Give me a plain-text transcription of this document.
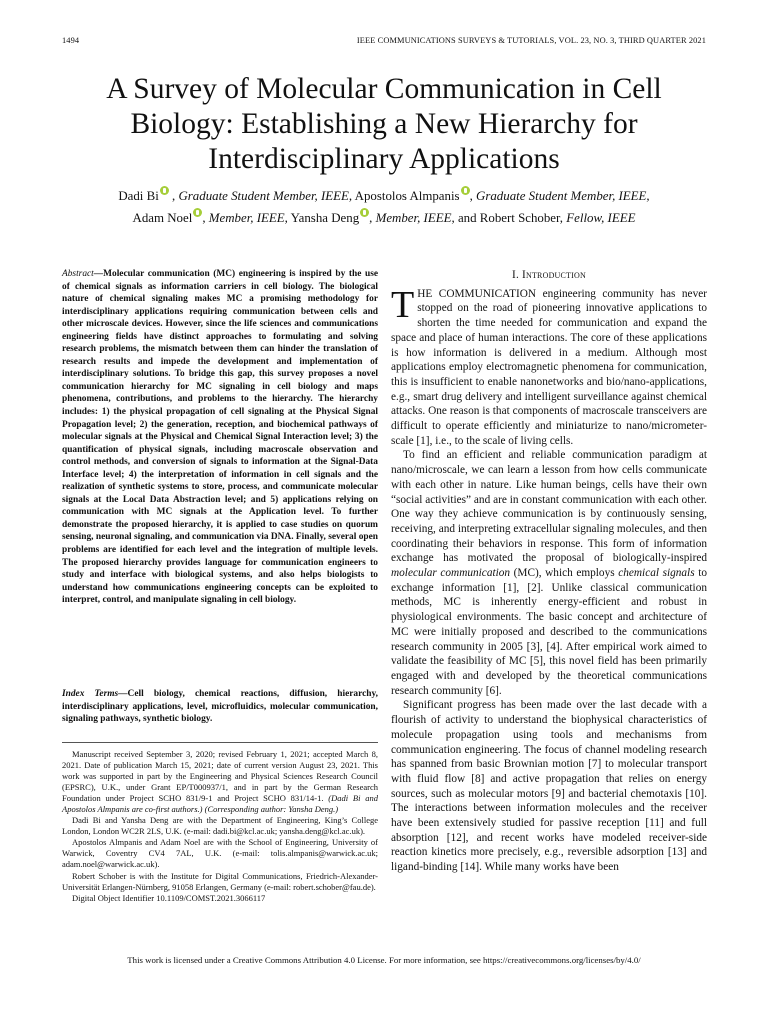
1494	IEEE COMMUNICATIONS SURVEYS & TUTORIALS, VOL. 23, NO. 3, THIRD QUARTER 2021
A Survey of Molecular Communication in Cell
Biology: Establishing a New Hierarchy for
Interdisciplinary Applications
Dadi Bi , Graduate Student Member, IEEE, Apostolos Almpanis , Graduate Student Member, IEEE,
Adam Noel , Member, IEEE, Yansha Deng , Member, IEEE, and Robert Schober, Fellow, IEEE
Abstract—Molecular communication (MC) engineering is inspired by the use of chemical signals as information carriers in cell biology. The biological nature of chemical signaling makes MC a promising methodology for interdisciplinary applications requiring communication between cells and other microscale devices. However, since the life sciences and communications engineering fields have distinct approaches to formulating and solving research problems, the mismatch between them can hinder the translation of research results and impede the development and implementation of interdisciplinary solutions. To bridge this gap, this survey proposes a novel communication hierarchy for MC signaling in cell biology and maps phenomena, contributions, and problems to the hierarchy. The hierarchy includes: 1) the physical propagation of cell signaling at the Physical Signal Propagation level; 2) the generation, reception, and biochemical pathways of molecular signals at the Physical and Chemical Signal Interaction level; 3) the quantification of physical signals, including macroscale observation and control methods, and conversion of signals to information at the Signal-Data Interface level; 4) the interpretation of information in cell signals and the realization of synthetic systems to store, process, and communicate molecular signals at the Local Data Abstraction level; and 5) applications relying on communication with MC signals at the Application level. To further demonstrate the proposed hierarchy, it is applied to case studies on quorum sensing, neuronal signaling, and communication via DNA. Finally, several open problems are identified for each level and the integration of multiple levels. The proposed hierarchy provides language for communication engineers to study and interface with biological systems, and also helps biologists to understand how communications engineering concepts can be exploited to interpret, control, and manipulate signaling in cell biology.
Index Terms—Cell biology, chemical reactions, diffusion, hierarchy, interdisciplinary applications, level, microfluidics, molecular communication, signaling pathways, synthetic biology.

Manuscript received September 3, 2020; revised February 1, 2021; accepted March 8, 2021. Date of publication March 15, 2021; date of current version August 23, 2021. This work was supported in part by the Engineering and Physical Sciences Research Council (EPSRC), U.K., under Grant EP/T000937/1, and in part by the German Research Foundation under Project SCHO 831/9-1 and Project SCHO 831/14-1. (Dadi Bi and Apostolos Almpanis are co-first authors.) (Corresponding author: Yansha Deng.)

Dadi Bi and Yansha Deng are with the Department of Engineering, King’s College London, London WC2R 2LS, U.K. (e-mail: dadi.bi@kcl.ac.uk; yansha.deng@kcl.ac.uk).

Apostolos Almpanis and Adam Noel are with the School of Engineering, University of Warwick, Coventry CV4 7AL, U.K. (e-mail: tolis.almpanis@warwick.ac.uk; adam.noel@warwick.ac.uk).

Robert Schober is with the Institute for Digital Communications, Friedrich-Alexander-Universität Erlangen-Nürnberg, 91058 Erlangen, Germany (e-mail: robert.schober@fau.de).

Digital Object Identifier 10.1109/COMST.2021.3066117

I. Introduction

THE COMMUNICATION engineering community has never stopped on the road of pioneering innovative applications to shorten the time needed for communication and expand the space and place of human interactions. The core of these applications is how information is delivered in a medium. Although most applications employ electromagnetic phenomena for communication, this is insufficient to enable nanonetworks and bio/nano-applications, e.g., smart drug delivery and intelligent surveillance against chemical attacks. One reason is that components of macroscale transceivers are difficult to operate efficiently and miniaturize to nano/micrometer-scale [1], i.e., to the scale of living cells.

To find an efficient and reliable communication paradigm at nano/microscale, we can learn a lesson from how cells communicate with each other in nature. Like human beings, cells have their own “social activities” and are in constant communication with each other. One way they achieve communication is by continuously sensing, receiving, and interpreting extracellular signaling molecules, and then coordinating their behaviors in response. This form of information exchange has motivated the proposal of biologically-inspired molecular communication (MC), which employs chemical signals to exchange information [1], [2]. Unlike classical communication methods, MC is inherently energy-efficient and robust in physiological environments. The basic concept and architecture of MC were initially proposed and described to the communications research community in 2005 [3], [4]. After empirical work aimed to validate the feasibility of MC [5], this novel field has been primarily engaged with and developed by the theoretical communications research community [6].

Significant progress has been made over the last decade with a flourish of activity to understand the biophysical characteristics of molecule propagation using tools and mechanisms from communication engineering. The focus of channel modeling research has spanned from basic Brownian motion [7] to molecular transport with fluid flow [8] and active propagation that relies on energy sources, such as molecular motors [9] and bacterial chemotaxis [10]. The interactions between information molecules and the receiver have been extensively studied for passive reception [11] and full absorption [12], and recent works have modeled receiver-side reaction kinetics more precisely, e.g., reversible adsorption [13] and ligand-binding [14]. While many works have been

This work is licensed under a Creative Commons Attribution 4.0 License. For more information, see https://creativecommons.org/licenses/by/4.0/
